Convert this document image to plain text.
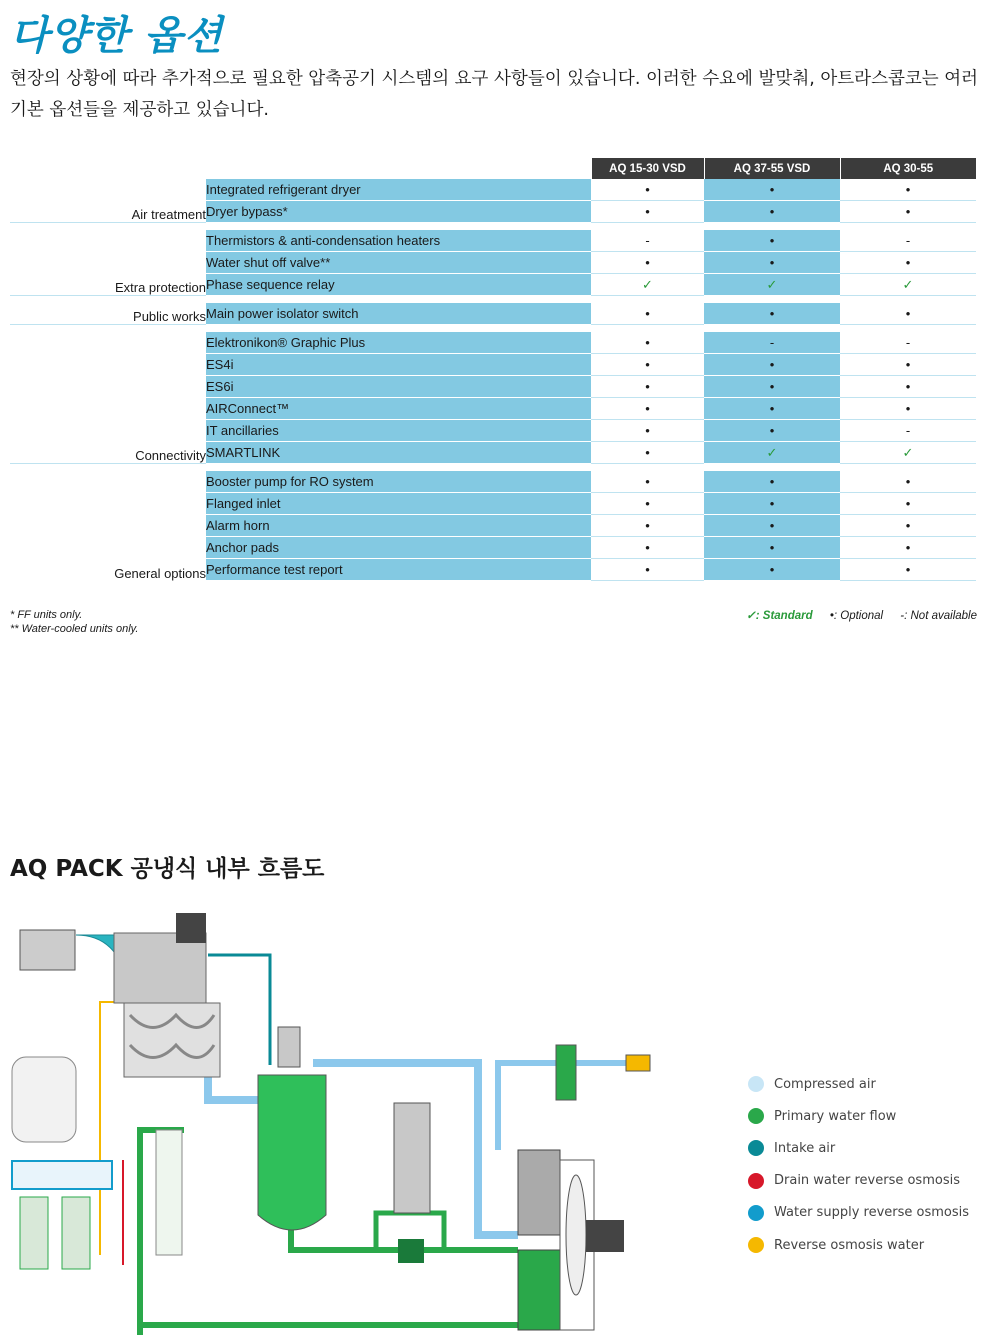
다양한 옵션

현장의 상황에 따라 추가적으로 필요한 압축공기 시스템의 요구 사항들이 있습니다. 이러한 수요에 발맞춰, 아트라스콥코는 여러 기본 옵션들을 제공하고 있습니다.

		AQ 15-30 VSD	AQ 37-55 VSD	AQ 30-55
Air treatment	Integrated refrigerant dryer	•	•	•
	Dryer bypass*	•	•	•

Extra protection	Thermistors & anti-condensation heaters	-	•	-
	Water shut off valve**	•	•	•
	Phase sequence relay	✓	✓	✓

Public works	Main power isolator switch	•	•	•

Connectivity	Elektronikon® Graphic Plus	•	-	-
	ES4i	•	•	•
	ES6i	•	•	•
	AIRConnect™	•	•	•
	IT ancillaries	•	•	-
	SMARTLINK	•	✓	✓

General options	Booster pump for RO system	•	•	•
	Flanged inlet	•	•	•
	Alarm horn	•	•	•
	Anchor pads	•	•	•
	Performance test report	•	•	•
* FF units only.
** Water-cooled units only.
✓: Standard •: Optional -: Not available
AQ PACK 공냉식 내부 흐름도
Compressed air
Primary water flow
Intake air
Drain water reverse osmosis
Water supply reverse osmosis
Reverse osmosis water
